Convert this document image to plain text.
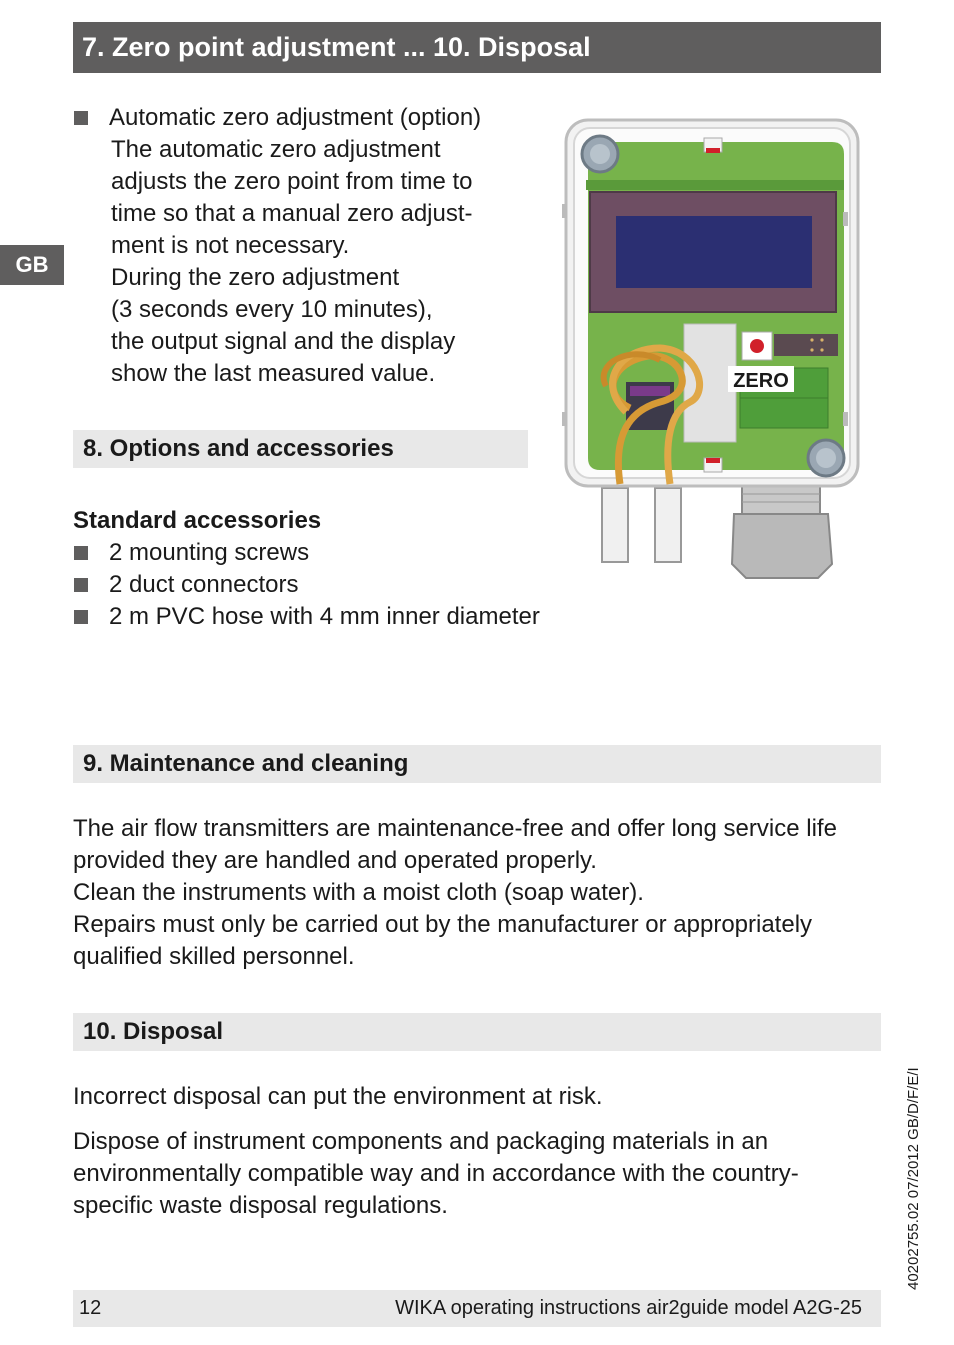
7. Zero point adjustment ... 10. Disposal
GB
Automatic zero adjustment (option)
The automatic zero adjustment
adjusts the zero point from time to
time so that a manual zero adjust-
ment is not necessary.
During the zero adjustment
(3 seconds every 10 minutes),
the output signal and the display
show the last measured value.	ZERO
8. Options and accessories
Standard accessories
2 mounting screws
2 duct connectors
2 m PVC hose with 4 mm inner diameter
9. Maintenance and cleaning
The air flow transmitters are maintenance-free and offer long service life
provided they are handled and operated properly.
Clean the instruments with a moist cloth (soap water).
Repairs must only be carried out by the manufacturer or appropriately
qualified skilled personnel.
10. Disposal
Incorrect disposal can put the environment at risk.
Dispose of instrument components and packaging materials in an
environmentally compatible way and in accordance with the country-
specific waste disposal regulations.	40202755.02 07/2012 GB/D/F/E/I
12	WIKA operating instructions air2guide model A2G-25
